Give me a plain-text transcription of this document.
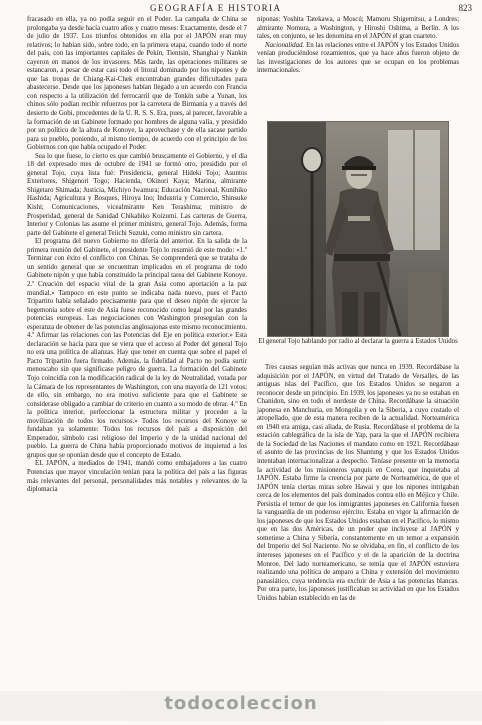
GEOGRAFÍA E HISTORIA	823

fracasado en ella, ya no podía seguir en el Poder. La campaña de China se prolongaba ya desde hacía cuatro años y cuatro meses: Exactamente, desde el 7 de julio de 1937. Los triunfos obtenidos en ella por el JAPÓN eran muy relativos; lo habían sido, sobre todo, en la primera etapa, cuando todo el norte del país, con las importantes capitales de Pekín, Tientsin, Shanghai y Nankin cayeron en manos de los invasores. Más tarde, las operaciones militares se estancaron, a pesar de estar casi todo el litoral dominado por los nipones y de que las tropas de Chiang-Kai-Chek encontraban grandes dificultades para abastecerse. Desde que los japoneses habían llegado a un acuerdo con Francia con respecto a la utilización del ferrocarril que de Tonkín sube a Yunan, los chinos sólo podían recibir refuerzos por la carretera de Birmania y a través del desierto de Gobi, procedentes de la U. R. S. S. Era, pues, al parecer, favorable a la formación de un Gabinete formado por hombres de alguna valía, y presidido por un político de la altura de Konoye, la aprovechase y de ella sacase partido para su pueblo, poniendo, al mismo tiempo, de acuerdo con el principio de los Gobiernos con que había ocupado el Poder.

Sea lo que fuese, lo cierto es que cambió bruscamente el Gobierno, y el día 18 del expresado mes de octubre de 1941 se formó otro, presidido por el general Tojo, cuya lista fué: Presidencia, general Hideki Tojo; Asuntos Exteriores, Shigenori Togo; Hacienda, Okinori Kaya; Marina, almirante Shigetaro Shimada; Justicia, Michiyo Iwamura; Educación Nacional, Kunihiko Hashida; Agricultura y Bosques, Hiroya Ino; Industria y Comercio, Shinsuke Kishi; Comunicaciones, vicealmirante Ken Terashima; ministro de Prosperidad, general de Sanidad Chikahiko Koizumi. Las carteras de Guerra, Interior y Colonias las asume el primer ministro, general Tojo. Además, forma parte del Gabinete el general Teiichi Suzuki, como ministro sin cartera.

El programa del nuevo Gobierno no difería del anterior. En la salida de la primera reunión del Gabinete, el presidente Tojo lo resumió de este modo: «1.º Terminar con éxito el conflicto con Chinas. Se comprenderá que se trataba de un sentido general que se encuentran implicados en el programa de todo Gabinete nipón y que había constituído la principal tarea del Gabinete Konoye. 2.º Creación del espacio vital de la gran Asia como aportación a la paz mundial.» Tampoco en este punto se indicaba nada nuevo, pues el Pacto Tripartito había señalado precisamente para que el deseo nipón de ejercer la hegemonía sobre el este de Asia fuese reconocido como legal por las grandes potencias europeas. Las negociaciones con Washington proseguían con la esperanza de obtener de las potencias anglosajonas este mismo reconocimiento. 4.º Afirmar las relaciones con las Potencias del Eje en política exterior.» Esta declaración se hacía para que se viera que el acceso al Poder del general Tojo no era una política de alianzas. Hay que tener en cuenta que sobre el papel el Pacto Tripartito fuera firmado. Además, la fidelidad al Pacto no podía surtir menoscabo sin que significase peligro de guerra. La formación del Gabinete Tojo coincidía con la modificación radical de la ley de Neutralidad, votada por la Cámara de los representantes de Washington, con una mayoría de 121 votos; de ello, sin embargo, no era motivo suficiente para que el Gabinete se considerase obligado a cambiar de criterio en cuanto a su modo de obrar. 4.º En la política interior, perfeccionar la estructura militar y proceder a la movilización de todos los recursos.» Todos los recursos del Konoye se fundaban ya solamente: Todos los recursos del país a disposición del Emperador, símbolo casi religioso del Imperio y de la unidad nacional del pueblo. La guerra de China había proporcionado motivos de inquietud a los grupos que se oponían desde que el concepto de Estado.

EL JAPÓN, a mediados de 1941, mandó como embajadores a las cuatro Potencias que mayor vinculación tenían para la política del país a las figuras más relevantes del personal, personalidades más notables y relevantes de la diplomacia

niponas: Yoshita Tatekawa, a Moscú; Mamoru Shigemitsu, a Londres; almirante Nomura, a Washington, y Hiroshi Oshima, a Berlín. A los tales, en conjunto, se les denomina en el JAPÓN el gran cuarteto.

Nacionalidad. En las relaciones entre el JAPÓN y los Estados Unidos venían produciéndose rozamientos, que ya hace años fueron objeto de las investigaciones de los autores que se ocupan en los problemas internacionales.

El general Tojo hablando por radio al declarar la guerra a Estados Unidos

Tres causas seguían más activas que nunca en 1939. Recordábase la adquisición por el JAPÓN, en virtud del Tratado de Versalles, de las antiguas islas del Pacífico, que los Estados Unidos se negaron a reconocer desde un principio. En 1939, los japoneses ya no se estaban en Chanidon, sino en todo el nordeste de China. Recordábase la situación japonesa en Manchuria, en Mongolia y en la Siberia, a cuyo costado el atropellado, que de esta manera reciben de la actualidad. Norteamérica en 1940 era amiga, casi aliada, de Rusia. Recordábase el problema de la estación cablegráfica de la isla de Yap, para la que el JAPÓN recibiera de la Sociedad de las Naciones el mandato como en 1921. Recordábase el asunto de las provincias de los Shantung y que los Estados Unidos intentaban internacionalizar a despecho. Teníase presente en la memoria la actividad de los misioneros yanquis en Corea, que inquietaba al JAPÓN. Estaba firme la creencia por parte de Norteamérica, de que el JAPÓN tenía ciertas miras sobre Hawai y que los nipones intrigaban cerca de los elementos del país dominados contra ello en Méjico y Chile. Persistía el temor de que los inmigrantes japoneses en California fuesen la vanguardia de un poderoso ejército. Estaba en vigor la afirmación de los japoneses de que los Estados Unidos estaban en el Pacífico, lo mismo que en las dos Américas, de un poder que incluyese al JAPÓN y sometiese a China y Siberia, constantemente en un temor a expansión del Imperio del Sol Naciente. No se olvidaba, en fin, el conflicto de los intereses japoneses en el Pacífico y el de la aparición de la doctrina Monroe. Del lado norteamericano, se temía que el JAPÓN estuviera realizando una política de amparo a China y extensión del movimiento panasiático, cuya tendencia era excluir de Asia a las potencias blancas. Por otra parte, los japoneses justificaban su actividad en que los Estados Unidos habían establecido en las de

todocoleccion
